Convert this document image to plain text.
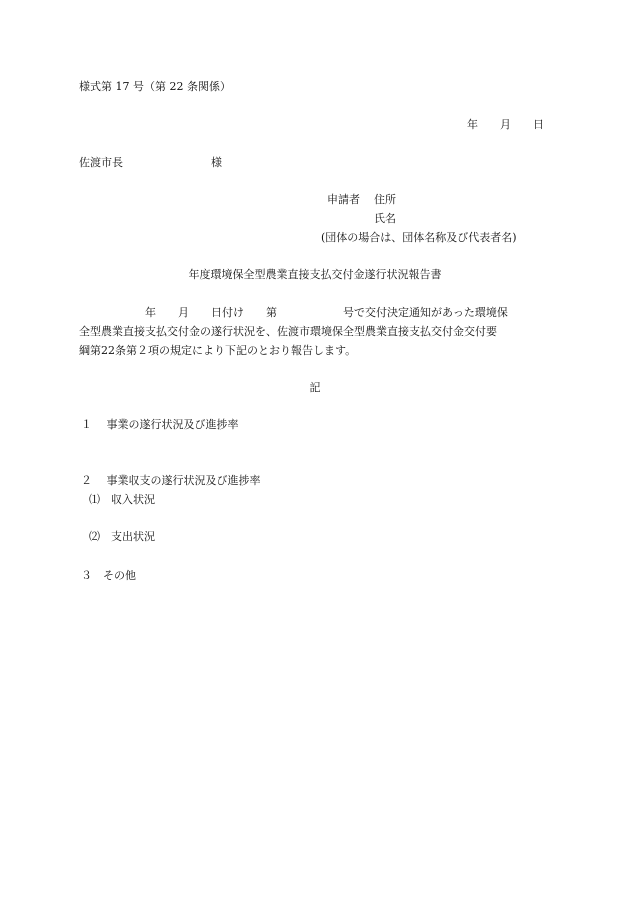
様式第 17 号（第 22 条関係）
年　　月　　日
佐渡市長　　　　　　　　様
申請者 住所
氏名
(団体の場合は、団体名称及び代表者名)
年度環境保全型農業直接支払交付金遂行状況報告書
　　　　　　年　　月　　日付け　　第　　　　　　号で交付決定通知があった環境保
全型農業直接支払交付金の遂行状況を、佐渡市環境保全型農業直接支払交付金交付要
綱第22条第２項の規定により下記のとおり報告します。
記
１　 事業の遂行状況及び進捗率
２　 事業収支の遂行状況及び進捗率
⑴　収入状況
⑵　支出状況
３　その他
